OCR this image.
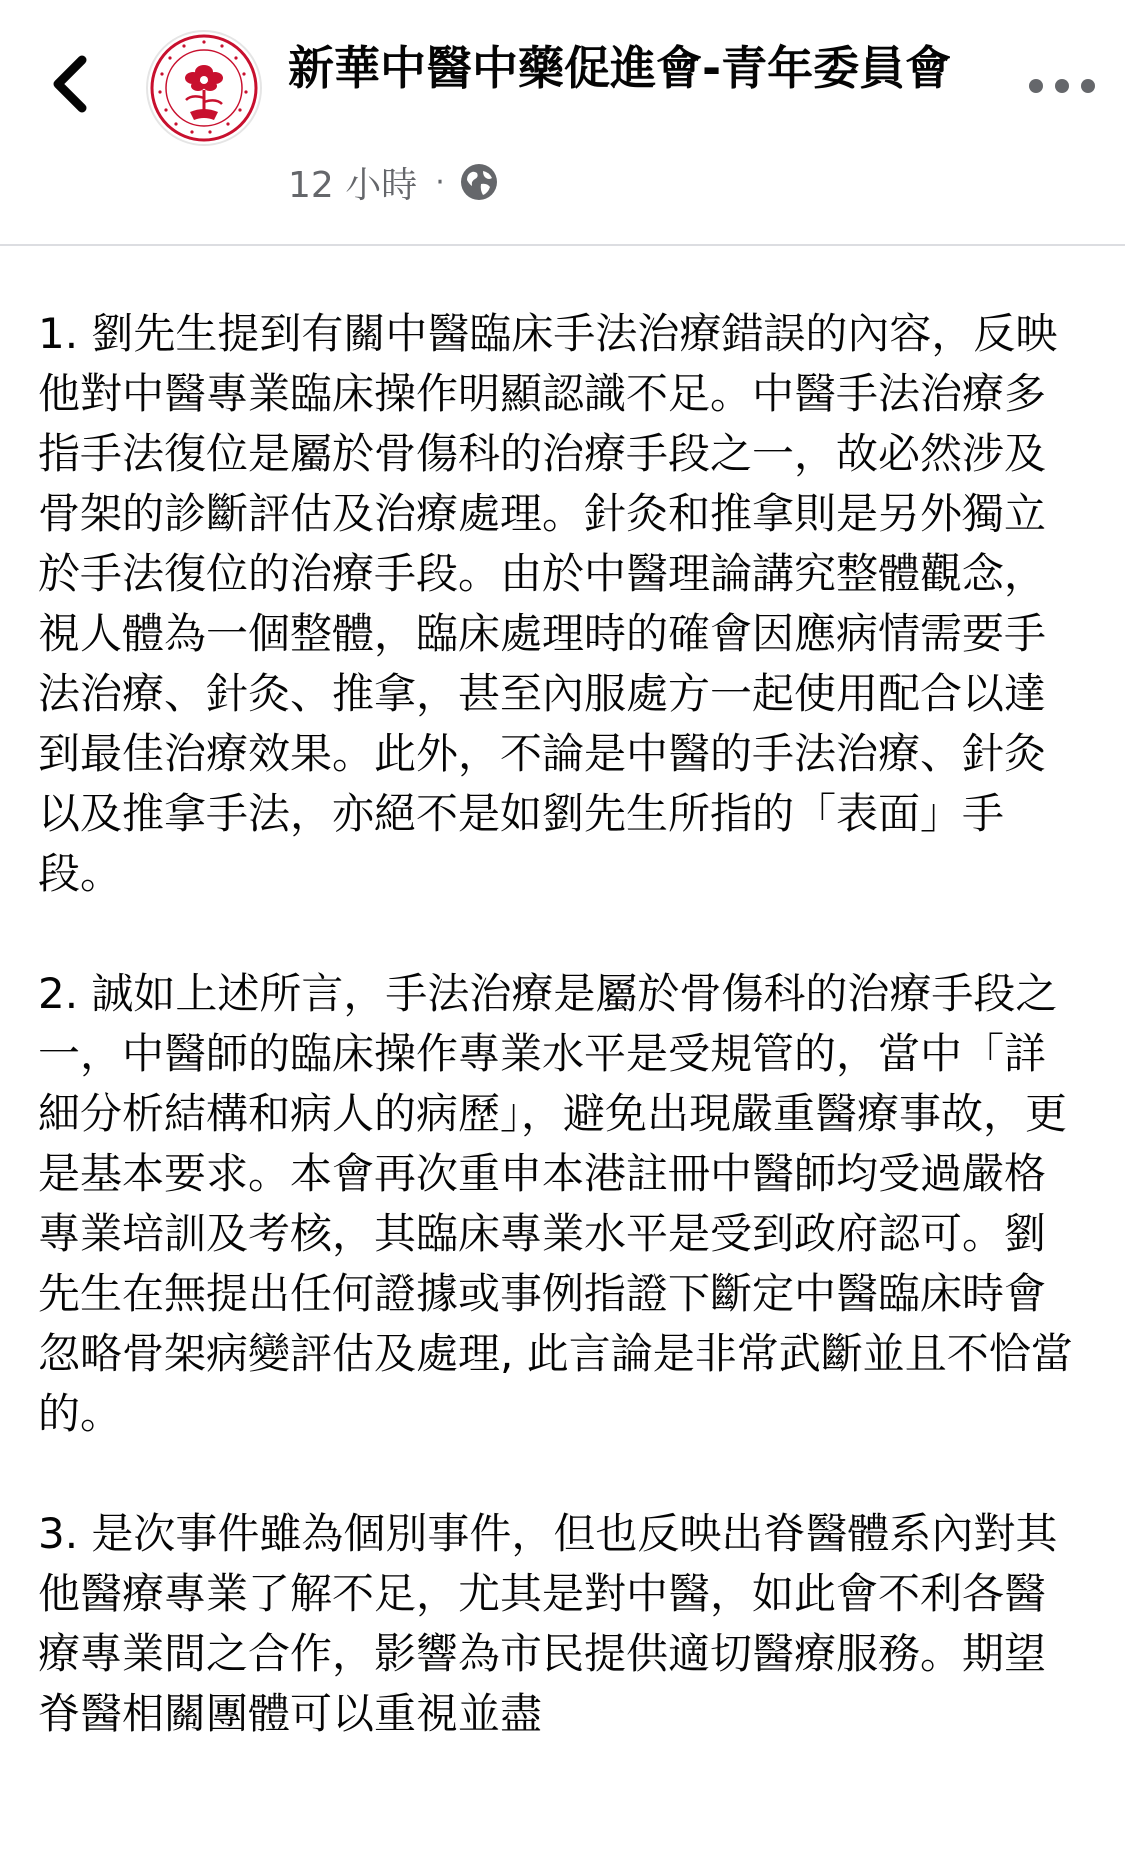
新華中醫中藥促進會-青年委員會
12 小時 ·

1. 劉先生提到有關中醫臨床手法治療錯誤的內容，反映他對中醫專業臨床操作明顯認識不足。中醫手法治療多指手法復位是屬於骨傷科的治療手段之一，故必然涉及骨架的診斷評估及治療處理。針灸和推拿則是另外獨立於手法復位的治療手段。由於中醫理論講究整體觀念，視人體為一個整體，臨床處理時的確會因應病情需要手法治療、針灸、推拿，甚至內服處方一起使用配合以達到最佳治療效果。此外，不論是中醫的手法治療、針灸以及推拿手法，亦絕不是如劉先生所指的「表面」手段。

2. 誠如上述所言，手法治療是屬於骨傷科的治療手段之一，中醫師的臨床操作專業水平是受規管的，當中「詳細分析結構和病人的病歷」，避免出現嚴重醫療事故，更是基本要求。本會再次重申本港註冊中醫師均受過嚴格專業培訓及考核，其臨床專業水平是受到政府認可。劉先生在無提出任何證據或事例指證下斷定中醫臨床時會忽略骨架病變評估及處理, 此言論是非常武斷並且不恰當的。

3. 是次事件雖為個別事件，但也反映出脊醫體系內對其他醫療專業了解不足，尤其是對中醫，如此會不利各醫療專業間之合作，影響為市民提供適切醫療服務。期望脊醫相關團體可以重視並盡
